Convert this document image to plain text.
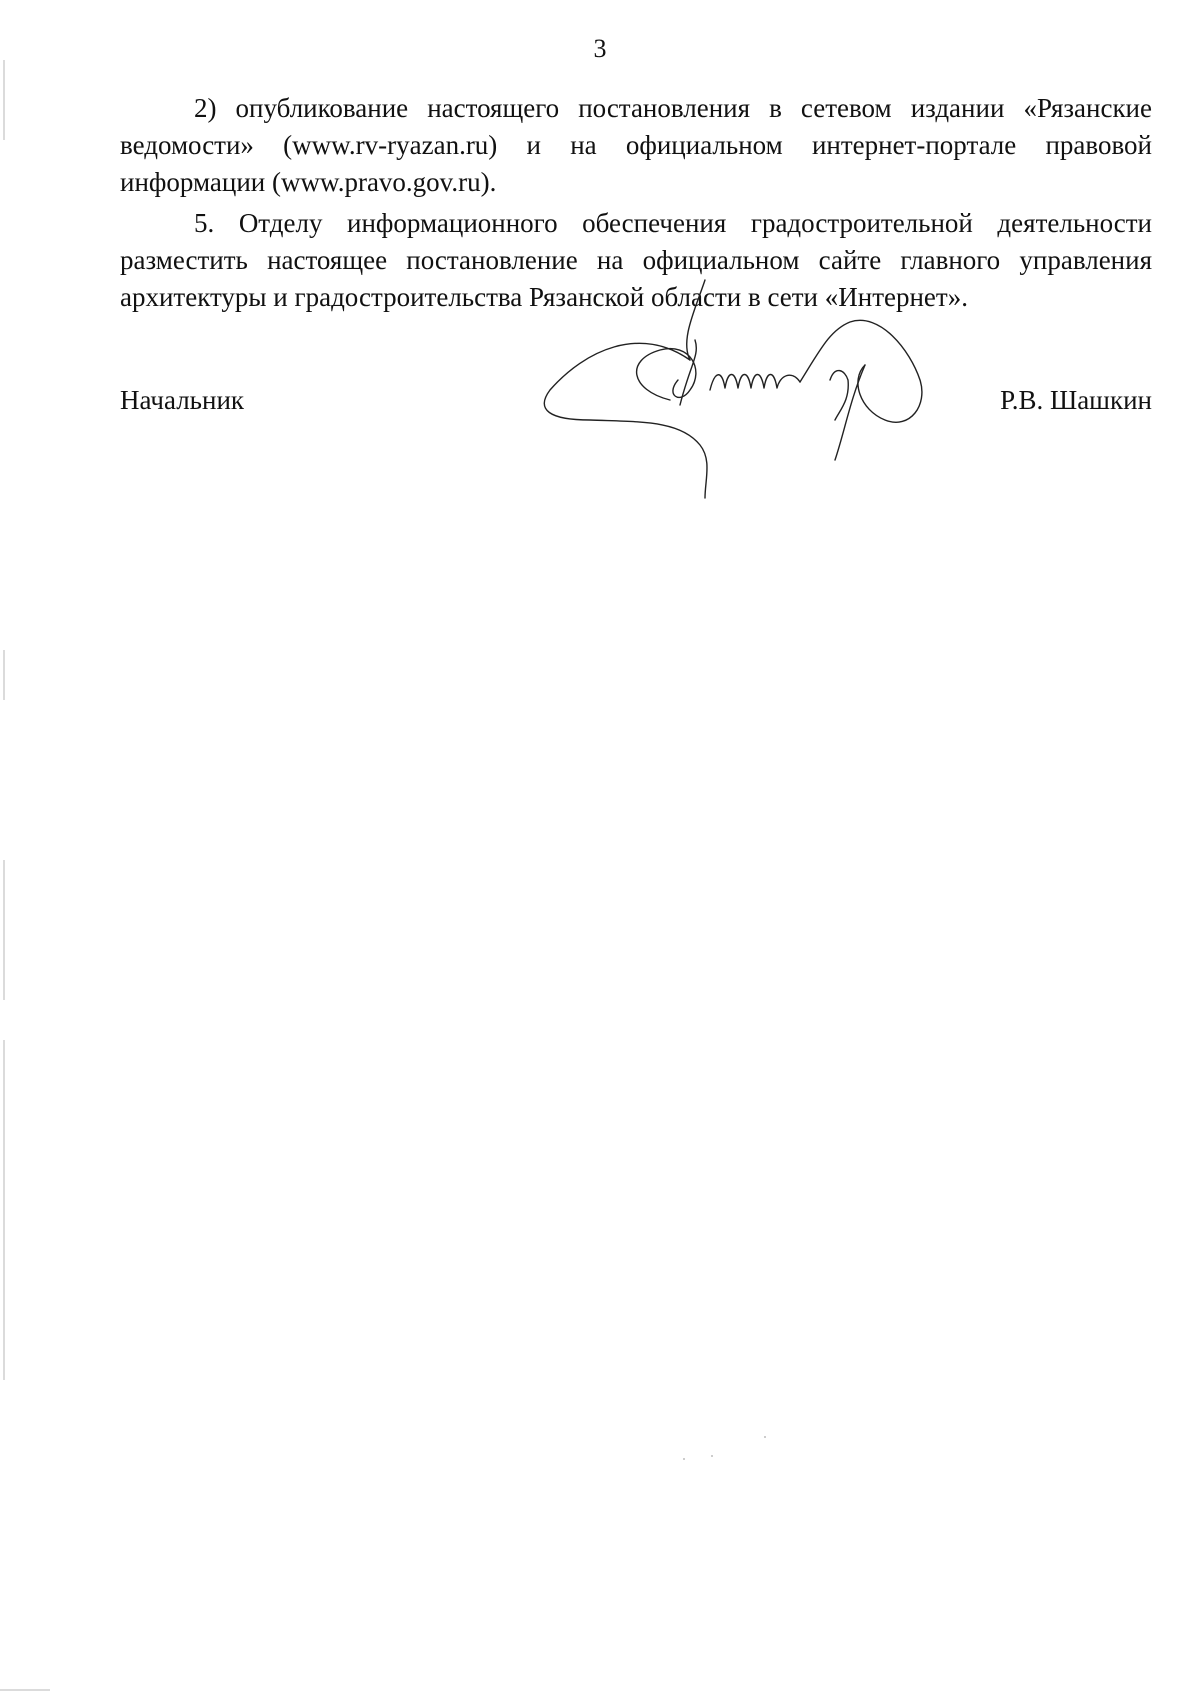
3

2) опубликование настоящего постановления в сетевом издании «Рязанские ведомости» (www.rv-ryazan.ru) и на официальном интернет-портале правовой информации (www.pravo.gov.ru).

5. Отделу информационного обеспечения градостроительной деятельности разместить настоящее постановление на официальном сайте главного управления архитектуры и градостроительства Рязанской области в сети «Интернет».

Начальник	Р.В. Шашкин
